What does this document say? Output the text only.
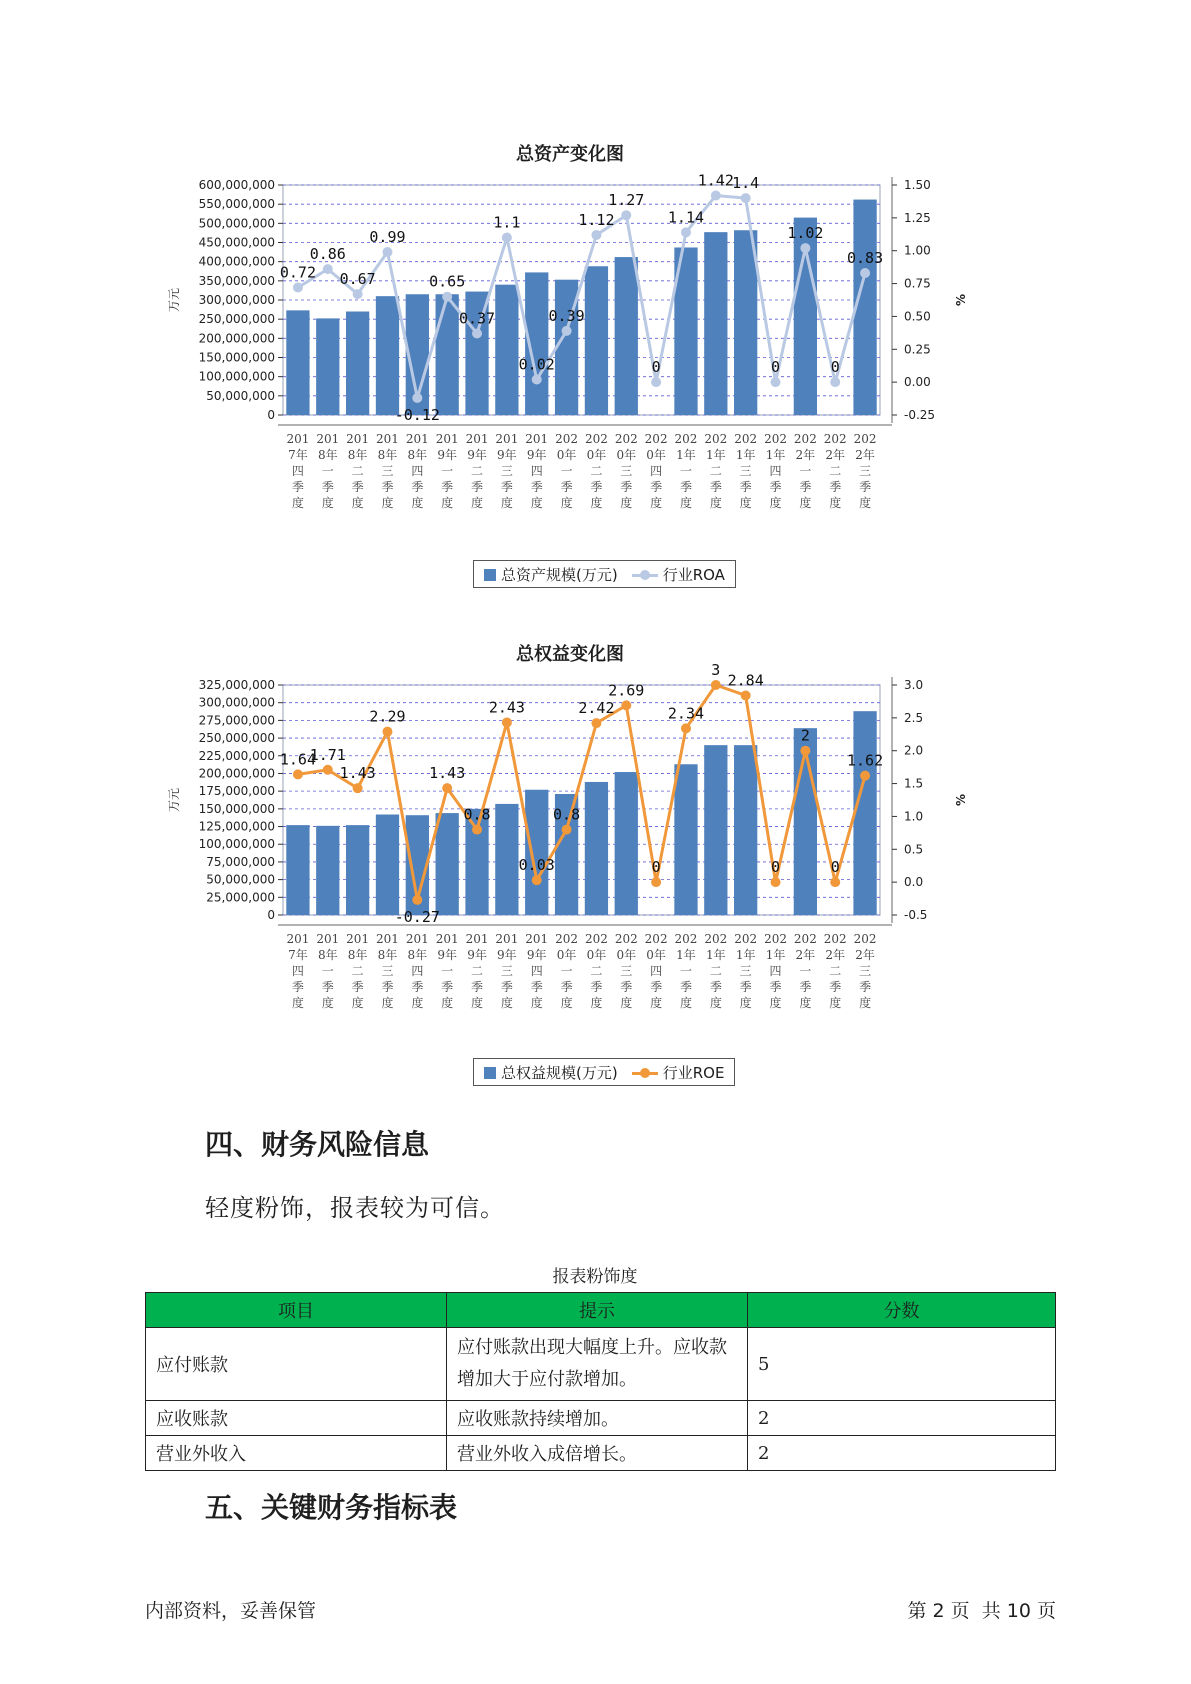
总资产变化图
0
50,000,000
100,000,000
150,000,000
200,000,000
250,000,000
300,000,000
350,000,000
400,000,000
450,000,000
500,000,000
550,000,000
600,000,000
万元
-0.25
0.00
0.25
0.50
0.75
1.00
1.25
1.50
%
0.72
0.86
0.67
0.99
-0.12
0.65
0.37
1.1
0.02
0.39
1.12
1.27
0
1.14
1.42
1.4
0
1.02
0
0.83
201
7年
四
季
度
201
8年
一
季
度
201
8年
二
季
度
201
8年
三
季
度
201
8年
四
季
度
201
9年
一
季
度
201
9年
二
季
度
201
9年
三
季
度
201
9年
四
季
度
202
0年
一
季
度
202
0年
二
季
度
202
0年
三
季
度
202
0年
四
季
度
202
1年
一
季
度
202
1年
二
季
度
202
1年
三
季
度
202
1年
四
季
度
202
2年
一
季
度
202
2年
二
季
度
202
2年
三
季
度
总资产规模(万元)	行业ROA
总权益变化图
0
25,000,000
50,000,000
75,000,000
100,000,000
125,000,000
150,000,000
175,000,000
200,000,000
225,000,000
250,000,000
275,000,000
300,000,000
325,000,000
万元
-0.5
0.0
0.5
1.0
1.5
2.0
2.5
3.0
%
1.64
1.71
1.43
2.29
-0.27
1.43
0.8
2.43
0.03
0.8
2.42
2.69
0
2.34
3
2.84
0
2
0
1.62
201
7年
四
季
度
201
8年
一
季
度
201
8年
二
季
度
201
8年
三
季
度
201
8年
四
季
度
201
9年
一
季
度
201
9年
二
季
度
201
9年
三
季
度
201
9年
四
季
度
202
0年
一
季
度
202
0年
二
季
度
202
0年
三
季
度
202
0年
四
季
度
202
1年
一
季
度
202
1年
二
季
度
202
1年
三
季
度
202
1年
四
季
度
202
2年
一
季
度
202
2年
二
季
度
202
2年
三
季
度
总权益规模(万元)	行业ROE
四、财务风险信息
轻度粉饰，报表较为可信。
报表粉饰度
项目	提示	分数
应付账款	应付账款出现大幅度上升。应收款增加大于应付款增加。	5
应收账款	应收账款持续增加。	2
营业外收入	营业外收入成倍增长。	2
五、关键财务指标表
内部资料，妥善保管	第 2 页  共 10 页
